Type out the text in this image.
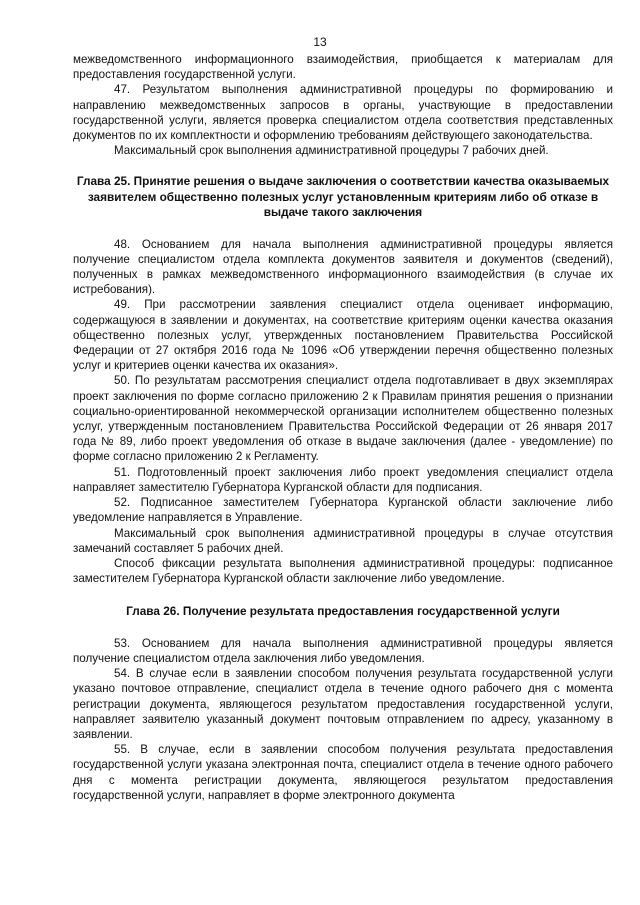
13

межведомственного информационного взаимодействия, приобщается к материалам для предоставления государственной услуги.

47. Результатом выполнения административной процедуры по формированию и направлению межведомственных запросов в органы, участвующие в предоставлении государственной услуги, является проверка специалистом отдела соответствия представленных документов по их комплектности и оформлению требованиям действующего законодательства.

Максимальный срок выполнения административной процедуры 7 рабочих дней.

Глава 25. Принятие решения о выдаче заключения о соответствии качества оказываемых заявителем общественно полезных услуг установленным критериям либо об отказе в выдаче такого заключения

48. Основанием для начала выполнения административной процедуры является получение специалистом отдела комплекта документов заявителя и документов (сведений), полученных в рамках межведомственного информационного взаимодействия (в случае их истребования).

49. При рассмотрении заявления специалист отдела оценивает информацию, содержащуюся в заявлении и документах, на соответствие критериям оценки качества оказания общественно полезных услуг, утвержденных постановлением Правительства Российской Федерации от 27 октября 2016 года № 1096 «Об утверждении перечня общественно полезных услуг и критериев оценки качества их оказания».

50. По результатам рассмотрения специалист отдела подготавливает в двух экземплярах проект заключения по форме согласно приложению 2 к Правилам принятия решения о признании социально-ориентированной некоммерческой организации исполнителем общественно полезных услуг, утвержденным постановлением Правительства Российской Федерации от 26 января 2017 года № 89, либо проект уведомления об отказе в выдаче заключения (далее - уведомление) по форме согласно приложению 2 к Регламенту.

51. Подготовленный проект заключения либо проект уведомления специалист отдела направляет заместителю Губернатора Курганской области для подписания.

52. Подписанное заместителем Губернатора Курганской области заключение либо уведомление направляется в Управление.

Максимальный срок выполнения административной процедуры в случае отсутствия замечаний составляет 5 рабочих дней.

Способ фиксации результата выполнения административной процедуры: подписанное заместителем Губернатора Курганской области заключение либо уведомление.

Глава 26. Получение результата предоставления государственной услуги

53. Основанием для начала выполнения административной процедуры является получение специалистом отдела заключения либо уведомления.

54. В случае если в заявлении способом получения результата государственной услуги указано почтовое отправление, специалист отдела в течение одного рабочего дня с момента регистрации документа, являющегося результатом предоставления государственной услуги, направляет заявителю указанный документ почтовым отправлением по адресу, указанному в заявлении.

55. В случае, если в заявлении способом получения результата предоставления государственной услуги указана электронная почта, специалист отдела в течение одного рабочего дня с момента регистрации документа, являющегося результатом предоставления государственной услуги, направляет в форме электронного документа
